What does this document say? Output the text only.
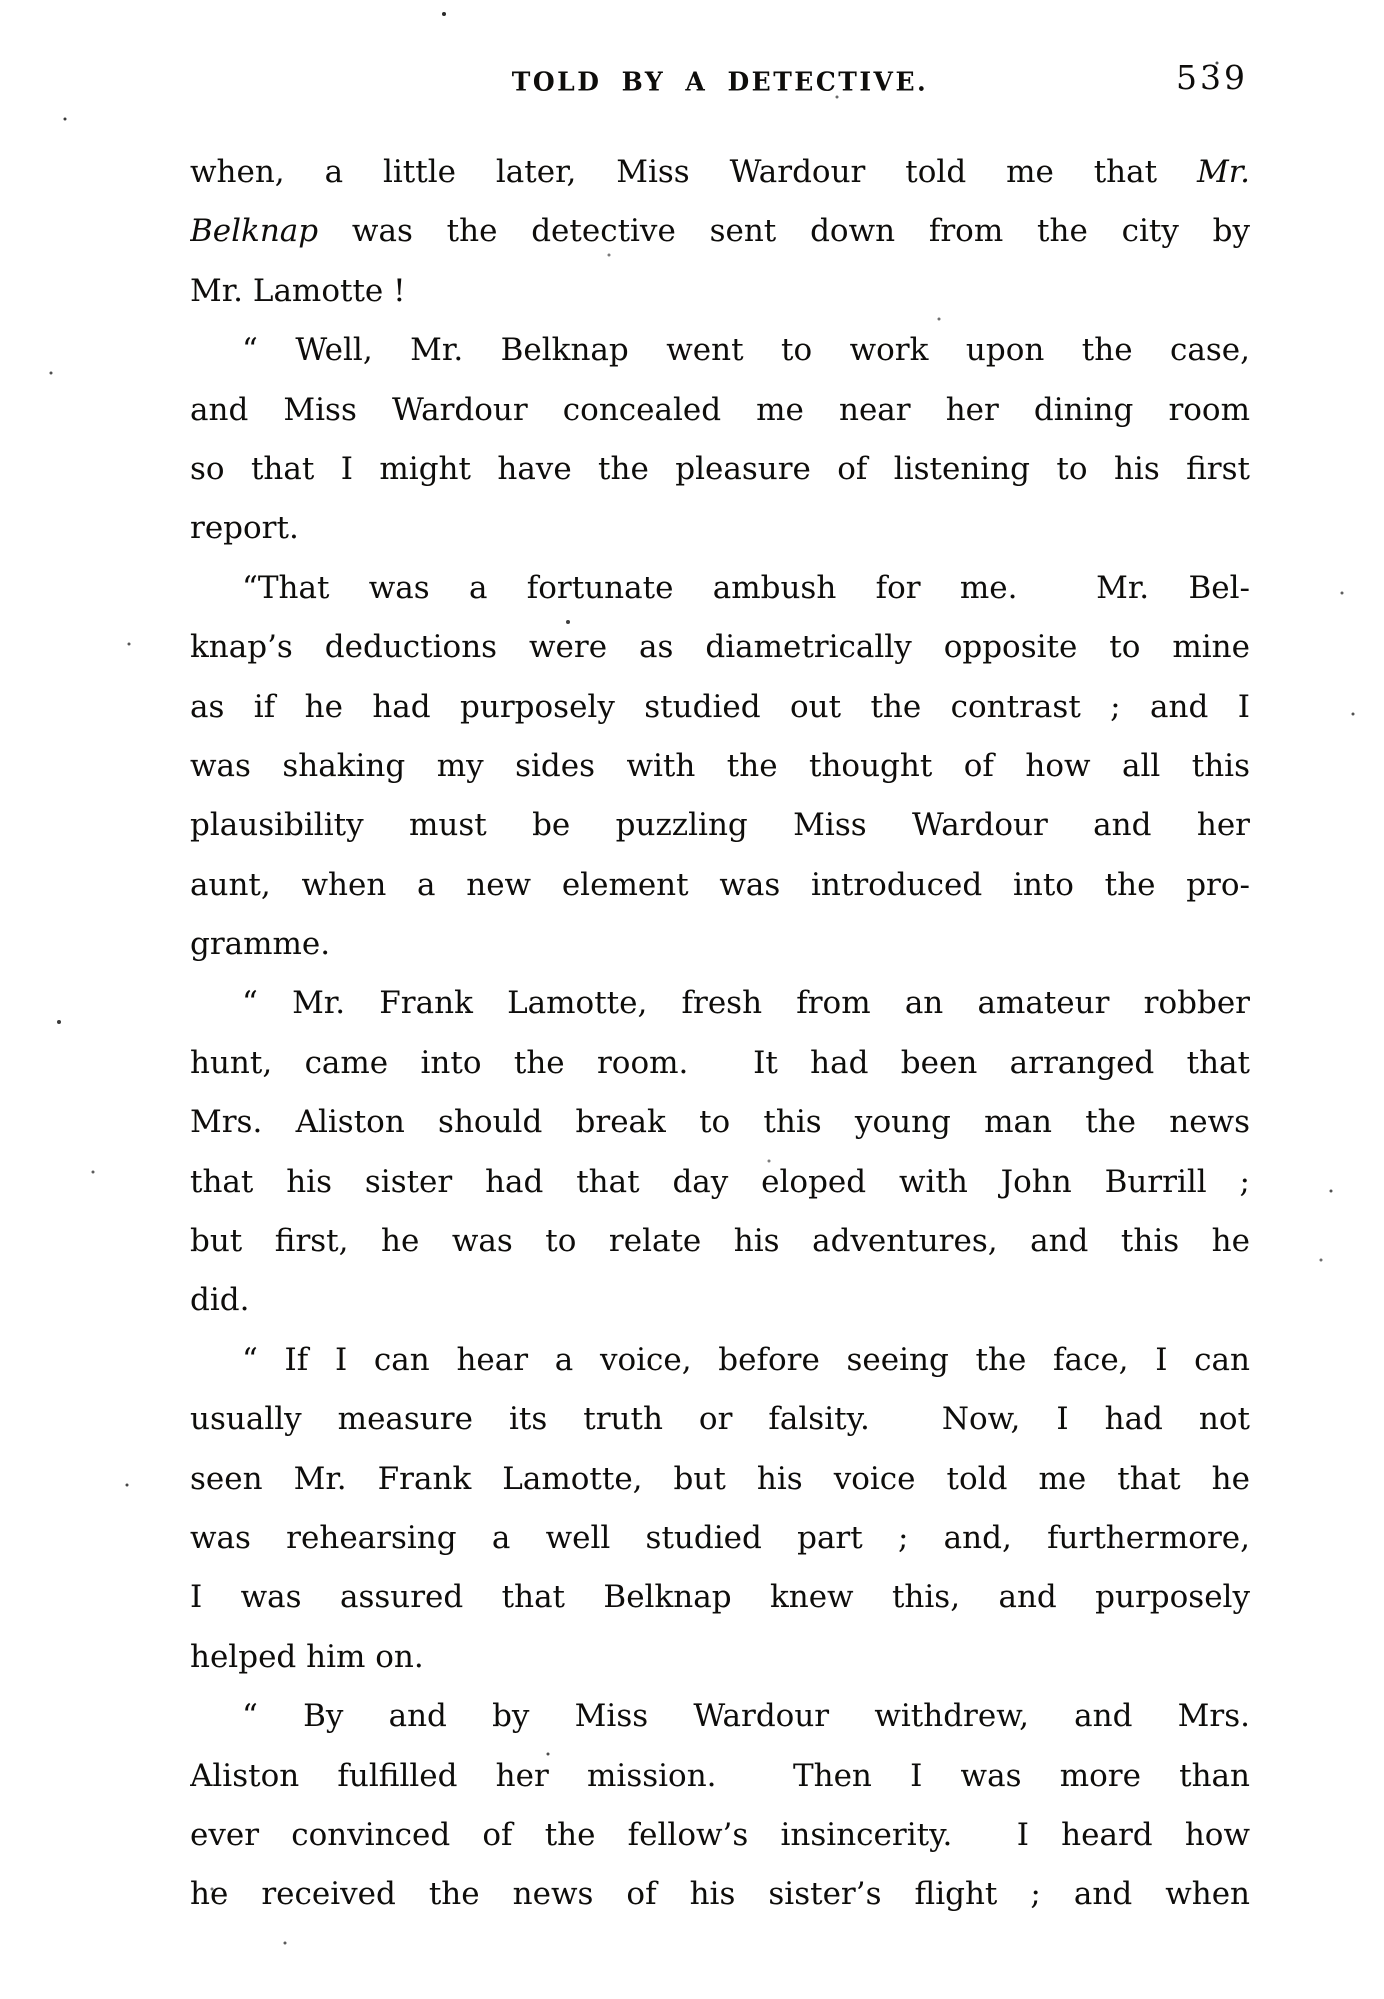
TOLD BY A DETECTIVE.	539
when, a little later, Miss Wardour told me that Mr.
Belknap was the detective sent down from the city by
Mr. Lamotte !
“ Well, Mr. Belknap went to work upon the case,
and Miss Wardour concealed me near her dining room
so that I might have the pleasure of listening to his first
report.
“That was a fortunate ambush for me.  Mr. Bel-
knap’s deductions were as diametrically opposite to mine
as if he had purposely studied out the contrast ; and I
was shaking my sides with the thought of how all this
plausibility must be puzzling Miss Wardour and her
aunt, when a new element was introduced into the pro-
gramme.
“ Mr. Frank Lamotte, fresh from an amateur robber
hunt, came into the room.  It had been arranged that
Mrs. Aliston should break to this young man the news
that his sister had that day eloped with John Burrill ;
but first, he was to relate his adventures, and this he
did.
“ If I can hear a voice, before seeing the face, I can
usually measure its truth or falsity.  Now, I had not
seen Mr. Frank Lamotte, but his voice told me that he
was rehearsing a well studied part ; and, furthermore,
I was assured that Belknap knew this, and purposely
helped him on.
“ By and by Miss Wardour withdrew, and Mrs.
Aliston fulfilled her mission.  Then I was more than
ever convinced of the fellow’s insincerity.  I heard how
he received the news of his sister’s flight ; and when
